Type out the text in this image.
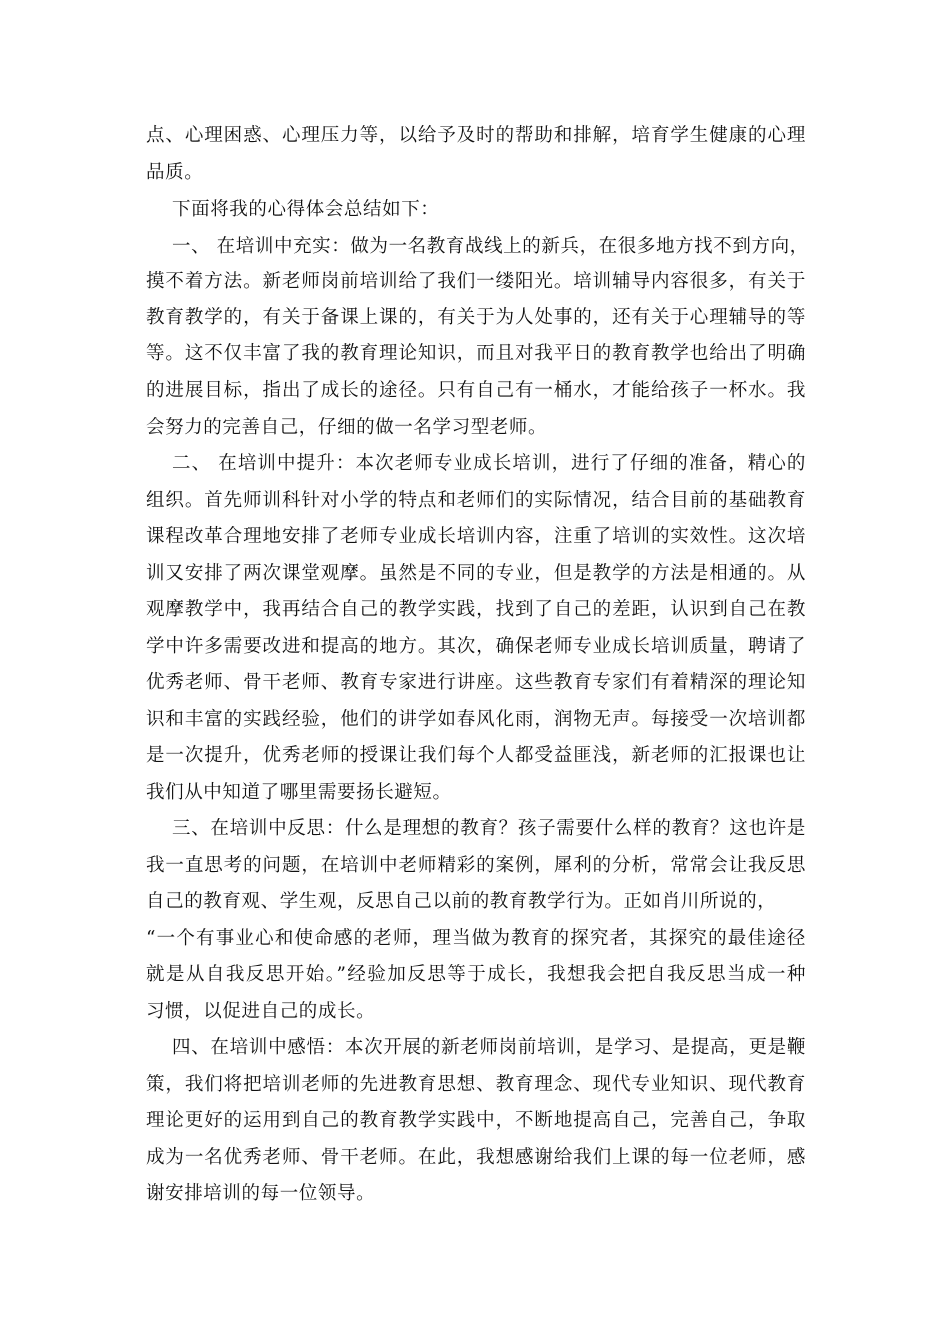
点、心理困惑、心理压力等，以给予及时的帮助和排解，培育学生健康的心理
品质。
下面将我的心得体会总结如下：
一、 在培训中充实：做为一名教育战线上的新兵，在很多地方找不到方向，
摸不着方法。新老师岗前培训给了我们一缕阳光。培训辅导内容很多，有关于
教育教学的，有关于备课上课的，有关于为人处事的，还有关于心理辅导的等
等。这不仅丰富了我的教育理论知识，而且对我平日的教育教学也给出了明确
的进展目标，指出了成长的途径。只有自己有一桶水，才能给孩子一杯水。我
会努力的完善自己，仔细的做一名学习型老师。
二、 在培训中提升：本次老师专业成长培训，进行了仔细的准备，精心的
组织。首先师训科针对小学的特点和老师们的实际情况，结合目前的基础教育
课程改革合理地安排了老师专业成长培训内容，注重了培训的实效性。这次培
训又安排了两次课堂观摩。虽然是不同的专业，但是教学的方法是相通的。从
观摩教学中，我再结合自己的教学实践，找到了自己的差距，认识到自己在教
学中许多需要改进和提高的地方。其次，确保老师专业成长培训质量，聘请了
优秀老师、骨干老师、教育专家进行讲座。这些教育专家们有着精深的理论知
识和丰富的实践经验，他们的讲学如春风化雨，润物无声。每接受一次培训都
是一次提升，优秀老师的授课让我们每个人都受益匪浅，新老师的汇报课也让
我们从中知道了哪里需要扬长避短。
三、在培训中反思：什么是理想的教育？孩子需要什么样的教育？这也许是
我一直思考的问题，在培训中老师精彩的案例，犀利的分析，常常会让我反思
自己的教育观、学生观，反思自己以前的教育教学行为。正如肖川所说的，
“一个有事业心和使命感的老师，理当做为教育的探究者，其探究的最佳途径
就是从自我反思开始。”经验加反思等于成长，我想我会把自我反思当成一种
习惯，以促进自己的成长。
四、在培训中感悟：本次开展的新老师岗前培训，是学习、是提高，更是鞭
策，我们将把培训老师的先进教育思想、教育理念、现代专业知识、现代教育
理论更好的运用到自己的教育教学实践中，不断地提高自己，完善自己，争取
成为一名优秀老师、骨干老师。在此，我想感谢给我们上课的每一位老师，感
谢安排培训的每一位领导。
